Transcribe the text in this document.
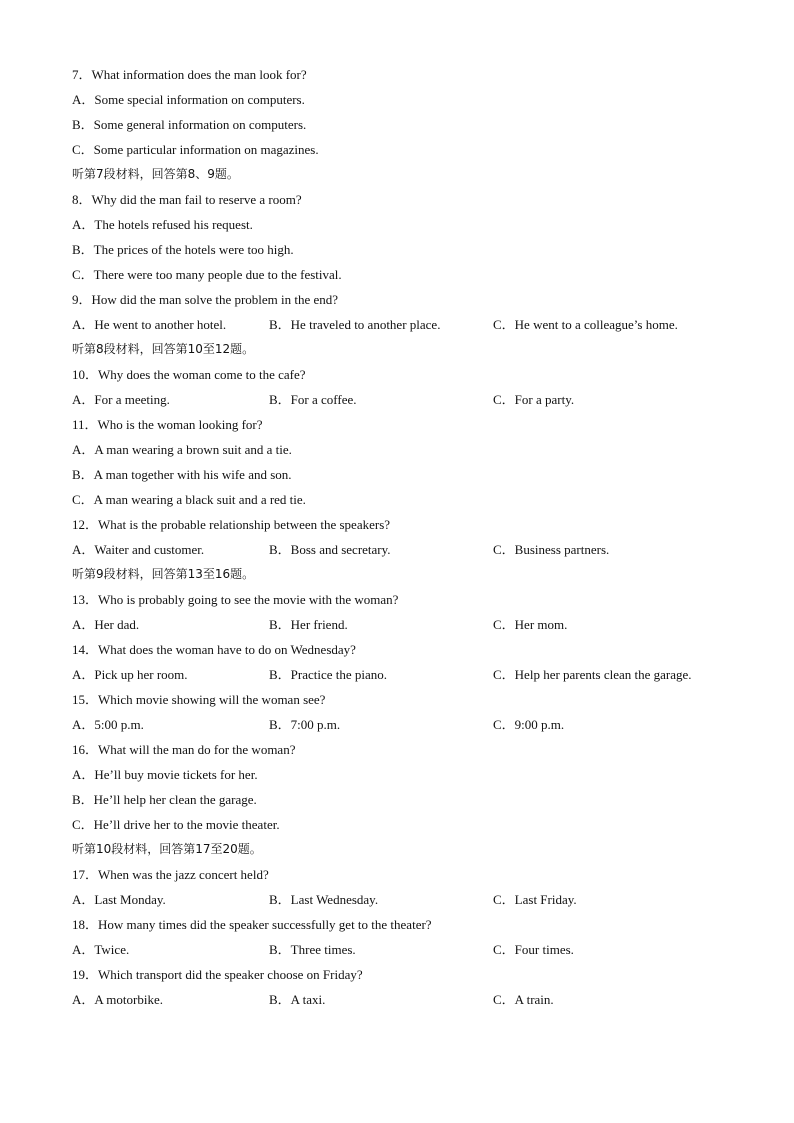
7．What information does the man look for?
A．Some special information on computers.
B．Some general information on computers.
C．Some particular information on magazines.
听第7段材料，回答第8、9题。
8．Why did the man fail to reserve a room?
A．The hotels refused his request.
B．The prices of the hotels were too high.
C．There were too many people due to the festival.
9．How did the man solve the problem in the end?
A．He went to another hotel.	B．He traveled to another place.	C．He went to a colleague’s home.
听第8段材料，回答第10至12题。
10．Why does the woman come to the cafe?
A．For a meeting.	B．For a coffee.	C．For a party.
11．Who is the woman looking for?
A．A man wearing a brown suit and a tie.
B．A man together with his wife and son.
C．A man wearing a black suit and a red tie.
12．What is the probable relationship between the speakers?
A．Waiter and customer.	B．Boss and secretary.	C．Business partners.
听第9段材料，回答第13至16题。
13．Who is probably going to see the movie with the woman?
A．Her dad.	B．Her friend.	C．Her mom.
14．What does the woman have to do on Wednesday?
A．Pick up her room.	B．Practice the piano.	C．Help her parents clean the garage.
15．Which movie showing will the woman see?
A．5:00 p.m.	B．7:00 p.m.	C．9:00 p.m.
16．What will the man do for the woman?
A．He’ll buy movie tickets for her.
B．He’ll help her clean the garage.
C．He’ll drive her to the movie theater.
听第10段材料，回答第17至20题。
17．When was the jazz concert held?
A．Last Monday.	B．Last Wednesday.	C．Last Friday.
18．How many times did the speaker successfully get to the theater?
A．Twice.	B．Three times.	C．Four times.
19．Which transport did the speaker choose on Friday?
A．A motorbike.	B．A taxi.	C．A train.
